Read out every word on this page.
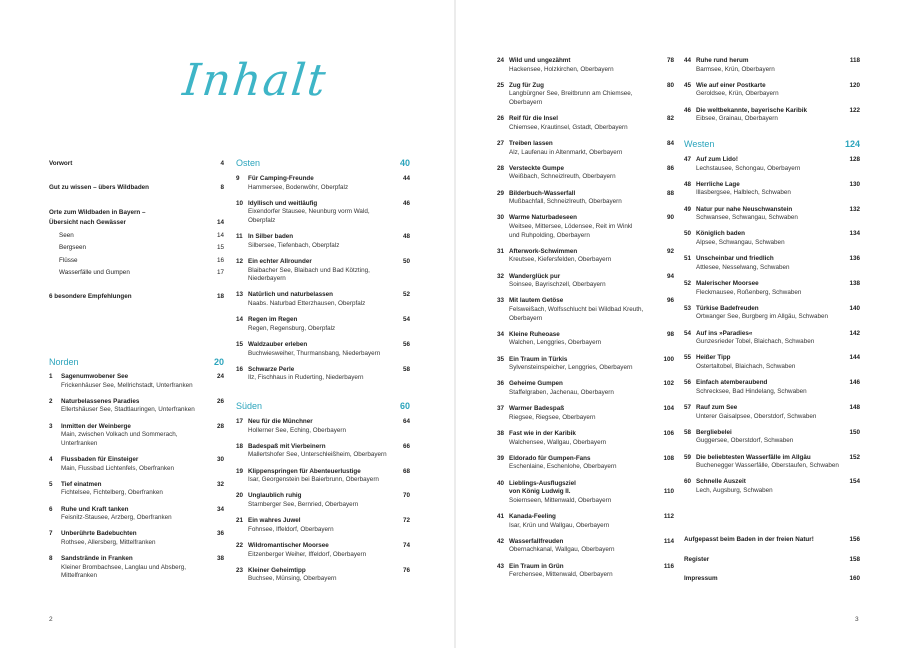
Inhalt
Vorwort	4
Gut zu wissen – übers Wildbaden	8
Orte zum Wildbaden in Bayern –
Übersicht nach Gewässer	14
Seen	14
Bergseen	15
Flüsse	16
Wasserfälle und Gumpen	17
6 besondere Empfehlungen	18
Norden	20
Osten	40
Süden	60
Westen	124
1	Sagenumwobener See	24
Frickenhäuser See, Mellrichstadt, Unterfranken
2	Naturbelassenes Paradies	26
Ellertshäuser See, Stadtlauringen, Unterfranken
3	Inmitten der Weinberge	28
Main, zwischen Volkach und Sommerach,
Unterfranken
4	Flussbaden für Einsteiger	30
Main, Flussbad Lichtenfels, Oberfranken
5	Tief einatmen	32
Fichtelsee, Fichtelberg, Oberfranken
6	Ruhe und Kraft tanken	34
Feisnitz-Stausee, Arzberg, Oberfranken
7	Unberührte Badebuchten	36
Rothsee, Allersberg, Mittelfranken
8	Sandstrände in Franken	38
Kleiner Brombachsee, Langlau und Absberg,
Mittelfranken
9	Für Camping-Freunde	44
Hammersee, Bodenwöhr, Oberpfalz
10 Idyllisch und weitläufig	46
Eixendorfer Stausee, Neunburg vorm Wald,
Oberpfalz
11 In Silber baden	48
Silbersee, Tiefenbach, Oberpfalz
12 Ein echter Allrounder	50
Blaibacher See, Blaibach und Bad Kötzting,
Niederbayern
13 Natürlich und naturbelassen	52
Naabs. Naturbad Etterzhausen, Oberpfalz
14 Regen im Regen	54
Regen, Regensburg, Oberpfalz
15 Waldzauber erleben	56
Buchwiesweiher, Thurmansbang, Niederbayern
16 Schwarze Perle	58
Ilz, Fischhaus in Ruderting, Niederbayern
17 Neu für die Münchner	64
Hollerner See, Eching, Oberbayern
18 Badespaß mit Vierbeinern	66
Mallertshofer See, Unterschleißheim, Oberbayern
19 Klippenspringen für Abenteuerlustige	68
Isar, Georgenstein bei Baierbrunn, Oberbayern
20 Unglaublich ruhig	70
Starnberger See, Bernried, Oberbayern
21 Ein wahres Juwel	72
Fohnsee, Iffeldorf, Oberbayern
22 Wildromantischer Moorsee	74
Eitzenberger Weiher, Iffeldorf, Oberbayern
23 Kleiner Geheimtipp	76
Buchsee, Münsing, Oberbayern
24 Wild und ungezähmt	78
Hackensee, Holzkirchen, Oberbayern
25 Zug für Zug	80
Langbürgner See, Breitbrunn am Chiemsee,
Oberbayern
26 Reif für die Insel	82
Chiemsee, Krautinsel, Gstadt, Oberbayern
27 Treiben lassen	84
Alz, Laufenau in Altenmarkt, Oberbayern
28 Versteckte Gumpe	86
Weißbach, Schneizlreuth, Oberbayern
29 Bilderbuch-Wasserfall	88
Mußbachfall, Schneizlreuth, Oberbayern
30 Warme Naturbadeseen	90
Weitsee, Mittersee, Lödensee, Reit im Winkl
und Ruhpolding, Oberbayern
31 Afterwork-Schwimmen	92
Kreutsee, Kiefersfelden, Oberbayern
32 Wanderglück pur	94
Soinsee, Bayrischzell, Oberbayern
33 Mit lautem Getöse	96
Felsweißach, Wolfsschlucht bei Wildbad Kreuth,
Oberbayern
34 Kleine Ruheoase	98
Walchen, Lenggries, Oberbayern
35 Ein Traum in Türkis	100
Sylvensteinspeicher, Lenggries, Oberbayern
36 Geheime Gumpen	102
Staffelgraben, Jachenau, Oberbayern
37 Warmer Badespaß	104
Riegsee, Riegsee, Oberbayern
38 Fast wie in der Karibik	106
Walchensee, Wallgau, Oberbayern
39 Eldorado für Gumpen-Fans	108
Eschenlaine, Eschenlohe, Oberbayern
40 Lieblings-Ausflugsziel
von König Ludwig II.	110
Soiernseen, Mittenwald, Oberbayern
41 Kanada-Feeling	112
Isar, Krün und Wallgau, Oberbayern
42 Wasserfallfreuden	114
Obernachkanal, Wallgau, Oberbayern
43 Ein Traum in Grün	116
Ferchensee, Mittenwald, Oberbayern
44 Ruhe rund herum	118
Barmsee, Krün, Oberbayern
45 Wie auf einer Postkarte	120
Geroldsee, Krün, Oberbayern
46 Die weltbekannte, bayerische Karibik	122
Eibsee, Grainau, Oberbayern
47 Auf zum Lido!	128
Lechstausee, Schongau, Oberbayern
48 Herrliche Lage	130
Illasbergsee, Halblech, Schwaben
49 Natur pur nahe Neuschwanstein	132
Schwansee, Schwangau, Schwaben
50 Königlich baden	134
Alpsee, Schwangau, Schwaben
51 Unscheinbar und friedlich	136
Attlesee, Nesselwang, Schwaben
52 Malerischer Moorsee	138
Fleckmausee, Roßenberg, Schwaben
53 Türkise Badefreuden	140
Ortwanger See, Burgberg im Allgäu, Schwaben
54 Auf ins »Paradies«	142
Gunzesrieder Tobel, Blaichach, Schwaben
55 Heißer Tipp	144
Ostertaltobel, Blaichach, Schwaben
56 Einfach atemberaubend	146
Schrecksee, Bad Hindelang, Schwaben
57 Rauf zum See	148
Unterer Gaisalpsee, Oberstdorf, Schwaben
58 Bergliebelei	150
Guggersee, Oberstdorf, Schwaben
59 Die beliebtesten Wasserfälle im Allgäu	152
Buchenegger Wasserfälle, Oberstaufen, Schwaben
60 Schnelle Auszeit	154
Lech, Augsburg, Schwaben
Aufgepasst beim Baden in der freien Natur!	156
Register	158
Impressum	160
2	3
